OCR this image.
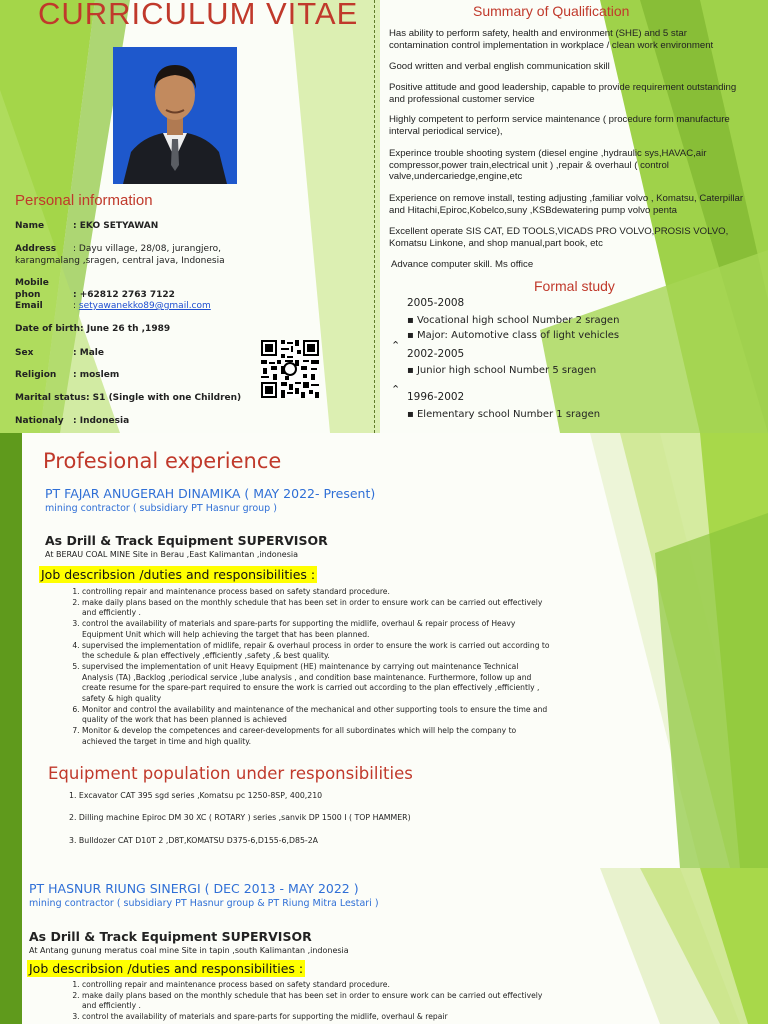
CURRICULUM VITAE
Personal information
Name	: EKO SETYAWAN
Address : Dayu village, 28/08, jurangjero,
karangmalang ,sragen, central java, Indonesia
Mobile phon	: +62812 2763 7122
Email	: setyawanekko89@gmail.com
Date of birth: June 26 th ,1989
Sex	: Male
Religion : moslem
Marital status: S1 (Single with one Children)
Nationaly : Indonesia
Summary of Qualification
Has ability to perform safety, health and environment (SHE) and 5 star contamination control implementation in workplace / clean work environment
Good written and verbal english communication skill
Positive attitude and good leadership, capable to provide requirement outstanding and professional customer service
Highly competent to perform service maintenance ( procedure form manufacture interval periodical service),
Experince trouble shooting system (diesel engine ,hydraulic sys,HAVAC,air compressor,power train,electrical unit ) ,repair & overhaul ( control valve,undercariedge,engine,etc
Experience on remove install, testing adjusting ,familiar volvo , Komatsu, Caterpillar and Hitachi,Epiroc,Kobelco,suny ,KSBdewatering pump volvo penta
Excellent operate SIS CAT, ED TOOLS,VICADS PRO VOLVO,PROSIS VOLVO, Komatsu Linkone, and shop manual,part book, etc
Advance computer skill. Ms office
Formal study
2005-2008
▪ Vocational high school Number 2 sragen
▪ Major: Automotive class of light vehicles
⌃

2002-2005
▪ Junior high school Number 5 sragen
⌃
1996-2002
▪ Elementary school Number 1 sragen
Profesional experience
PT FAJAR ANUGERAH DINAMIKA ( MAY 2022- Present)
mining contractor ( subsidiary PT Hasnur group )
As Drill & Track Equipment SUPERVISOR
At BERAU COAL MINE Site in Berau ,East Kalimantan ,indonesia
Job describsion /duties and responsibilities :
1. controlling repair and maintenance process based on safety standard procedure.
2. make daily plans based on the monthly schedule that has been set in order to ensure work can be carried out effectively and efficiently .
3. control the availability of materials and spare-parts for supporting the midlife, overhaul & repair process of Heavy Equipment Unit which will help achieving the target that has been planned.
4. supervised the implementation of midlife, repair & overhaul process in order to ensure the work is carried out according to the schedule & plan effectively ,efficiently ,safety ,& best quality.
5. supervised the implementation of unit Heavy Equipment (HE) maintenance by carrying out maintenance Technical Analysis (TA) ,Backlog ,periodical service ,lube analysis , and condition base maintenance. Furthermore, follow up and create resume for the spare-part required to ensure the work is carried out according to the plan effectively ,efficiently , safety & high quality
6. Monitor and control the availability and maintenance of the mechanical and other supporting tools to ensure the time and quality of the work that has been planned is achieved
7. Monitor & develop the competences and career-developments for all subordinates which will help the company to achieved the target in time and high quality.
Equipment population under responsibilities
1. Excavator CAT 395 sgd series ,Komatsu pc 1250-8SP, 400,210
2. Dilling machine Epiroc DM 30 XC ( ROTARY ) series ,sanvik DP 1500 I ( TOP HAMMER)
3. Bulldozer CAT D10T 2 ,D8T,KOMATSU D375-6,D155-6,D85-2A
PT HASNUR RIUNG SINERGI ( DEC 2013 - MAY 2022 )
mining contractor ( subsidiary PT Hasnur group & PT Riung Mitra Lestari )
As Drill & Track Equipment SUPERVISOR
At Antang gunung meratus coal mine Site in tapin ,south Kalimantan ,indonesia
Job describsion /duties and responsibilities :
1. controlling repair and maintenance process based on safety standard procedure.
2. make daily plans based on the monthly schedule that has been set in order to ensure work can be carried out effectively and efficiently .
3. control the availability of materials and spare-parts for supporting the midlife, overhaul & repair
